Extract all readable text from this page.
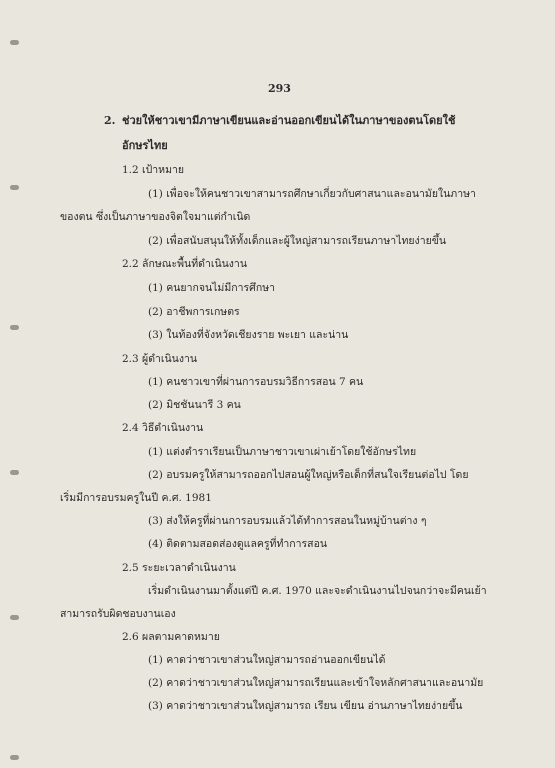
293
2. ช่วยให้ชาวเขามีภาษาเขียนและอ่านออกเขียนได้ในภาษาของตนโดยใช้
อักษรไทย
1.2 เป้าหมาย
(1) เพื่อจะให้คนชาวเขาสามารถศึกษาเกี่ยวกับศาสนาและอนามัยในภาษา
ของตน ซึ่งเป็นภาษาของจิตใจมาแต่กำเนิด
(2) เพื่อสนับสนุนให้ทั้งเด็กและผู้ใหญ่สามารถเรียนภาษาไทยง่ายขึ้น
2.2 ลักษณะพื้นที่ดำเนินงาน
(1) คนยากจนไม่มีการศึกษา
(2) อาชีพการเกษตร
(3) ในท้องที่จังหวัดเชียงราย พะเยา และน่าน
2.3 ผู้ดำเนินงาน
(1) คนชาวเขาที่ผ่านการอบรมวิธีการสอน 7 คน
(2) มิชชันนารี 3 คน
2.4 วิธีดำเนินงาน
(1) แต่งตำราเรียนเป็นภาษาชาวเขาเผ่าเย้าโดยใช้อักษรไทย
(2) อบรมครูให้สามารถออกไปสอนผู้ใหญ่หรือเด็กที่สนใจเรียนต่อไป โดย
เริ่มมีการอบรมครูในปี ค.ศ. 1981
(3) ส่งให้ครูที่ผ่านการอบรมแล้วได้ทำการสอนในหมู่บ้านต่าง ๆ
(4) ติดตามสอดส่องดูแลครูที่ทำการสอน
2.5 ระยะเวลาดำเนินงาน
เริ่มดำเนินงานมาตั้งแต่ปี ค.ศ. 1970 และจะดำเนินงานไปจนกว่าจะมีคนเย้า
สามารถรับผิดชอบงานเอง
2.6 ผลตามคาดหมาย
(1) คาดว่าชาวเขาส่วนใหญ่สามารถอ่านออกเขียนได้
(2) คาดว่าชาวเขาส่วนใหญ่สามารถเรียนและเข้าใจหลักศาสนาและอนามัย
(3) คาดว่าชาวเขาส่วนใหญ่สามารถ เรียน เขียน อ่านภาษาไทยง่ายขึ้น
